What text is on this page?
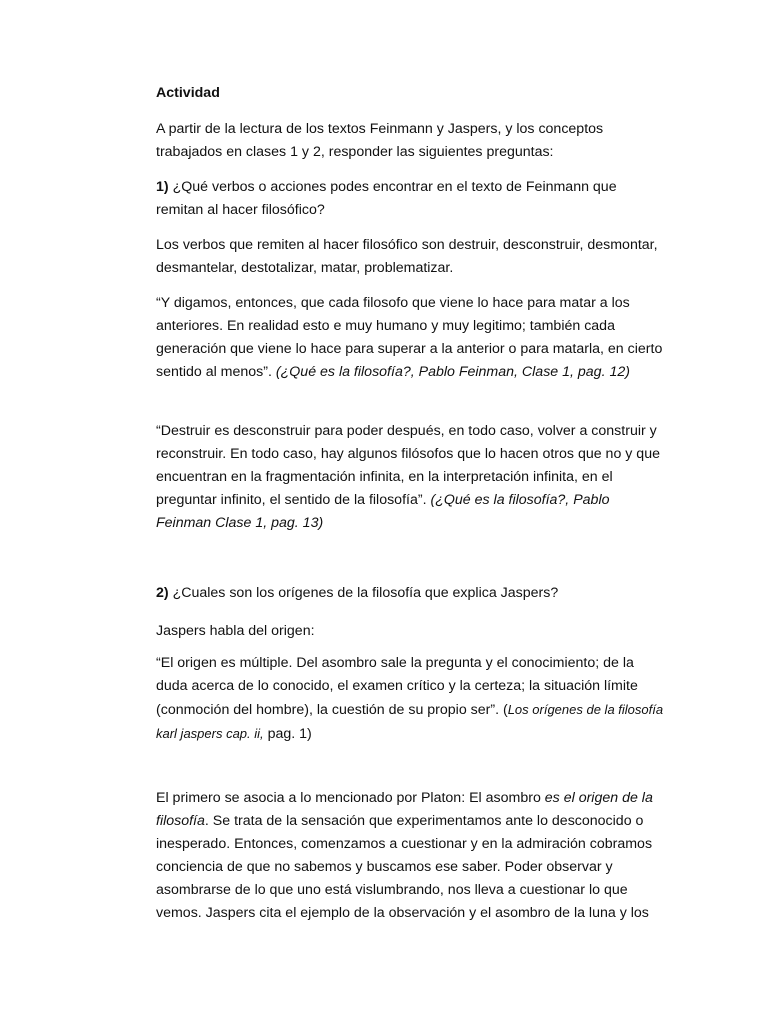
Actividad

A partir de la lectura de los textos Feinmann y Jaspers, y los conceptos trabajados en clases 1 y 2, responder las siguientes preguntas:

1) ¿Qué verbos o acciones podes encontrar en el texto de Feinmann que remitan al hacer filosófico?

Los verbos que remiten al hacer filosófico son destruir, desconstruir, desmontar, desmantelar, destotalizar, matar, problematizar.

“Y digamos, entonces, que cada filosofo que viene lo hace para matar a los anteriores. En realidad esto e muy humano y muy legitimo; también cada generación que viene lo hace para superar a la anterior o para matarla, en cierto sentido al menos”. (¿Qué es la filosofía?, Pablo Feinman, Clase 1, pag. 12)

“Destruir es desconstruir para poder después, en todo caso, volver a construir y reconstruir. En todo caso, hay algunos filósofos que lo hacen otros que no y que encuentran en la fragmentación infinita, en la interpretación infinita, en el preguntar infinito, el sentido de la filosofía”. (¿Qué es la filosofía?, Pablo Feinman Clase 1, pag. 13)

2) ¿Cuales son los orígenes de la filosofía que explica Jaspers?

Jaspers habla del origen:

“El origen es múltiple. Del asombro sale la pregunta y el conocimiento; de la duda acerca de lo conocido, el examen crítico y la certeza; la situación límite (conmoción del hombre), la cuestión de su propio ser”. (Los orígenes de la filosofía karl jaspers cap. ii, pag. 1)

El primero se asocia a lo mencionado por Platon: El asombro es el origen de la filosofía. Se trata de la sensación que experimentamos ante lo desconocido o inesperado. Entonces, comenzamos a cuestionar y en la admiración cobramos conciencia de que no sabemos y buscamos ese saber. Poder observar y asombrarse de lo que uno está vislumbrando, nos lleva a cuestionar lo que vemos. Jaspers cita el ejemplo de la observación y el asombro de la luna y los
